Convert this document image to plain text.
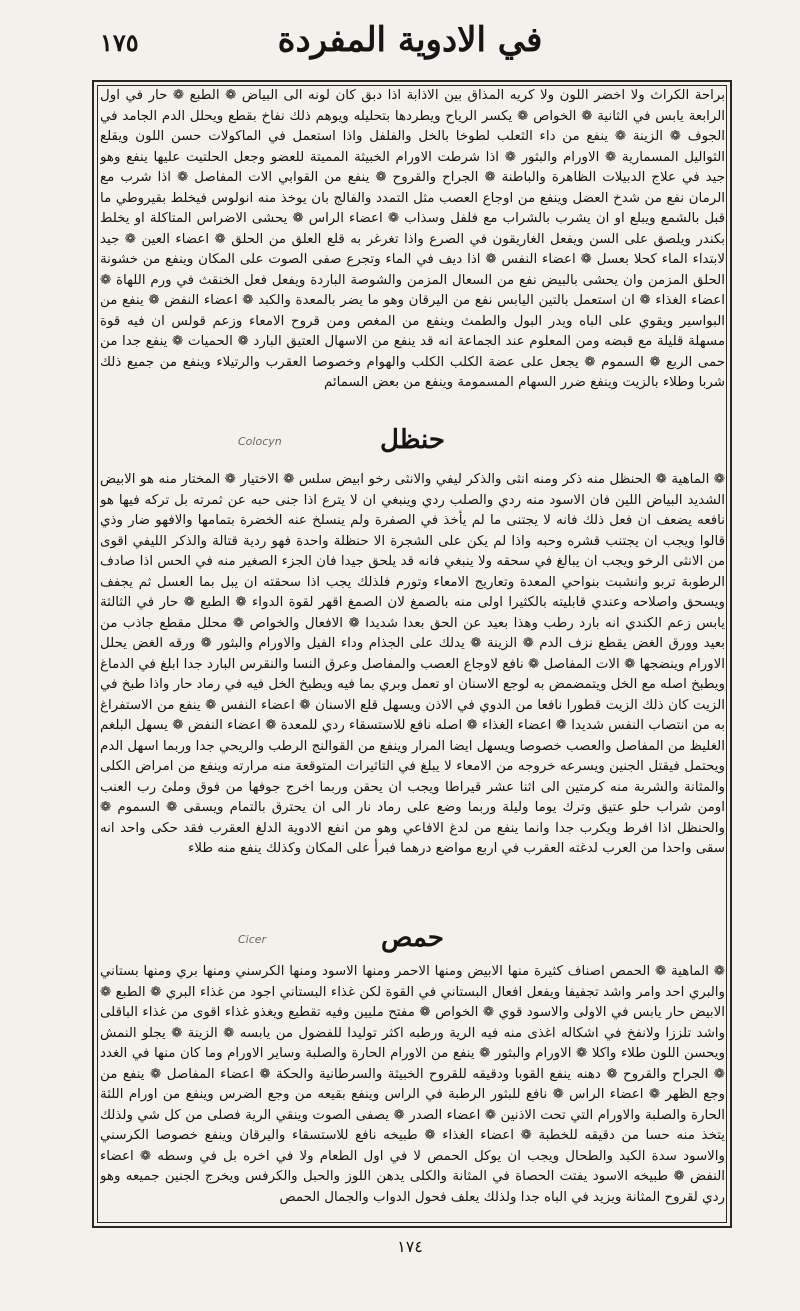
في الادوية المفردة
١٧٥

براحة الكراث ولا اخضر اللون ولا كريه المذاق بين الاذابة اذا دبق كان لونه الى البياض ❁ الطبع ❁ حار في اول الرابعة يابس في الثانية ❁ الخواص ❁ يكسر الرياح ويطردها بتحليله ويوهم ذلك نفاخ بقطع ويحلل الدم الجامد في الجوف ❁ الزينة ❁ ينفع من داء الثعلب لطوخا بالخل والفلفل واذا استعمل في الماكولات حسن اللون ويقلع الثواليل المسمارية ❁ الاورام والبثور ❁ اذا شرطت الاورام الخبيثة المميتة للعضو وجعل الحلتيت عليها ينفع وهو جيد في علاج الدبيلات الظاهرة والباطنة ❁ الجراح والقروح ❁ ينفع من القوابي الات المفاصل ❁ اذا شرب مع الرمان نفع من شدخ العضل وينفع من اوجاع العصب مثل التمدد والفالج بان يوخذ منه انولوس فيخلط بقيروطي ما قبل بالشمع ويبلع او ان يشرب بالشراب مع فلفل وسذاب ❁ اعضاء الراس ❁ يحشى الاضراس المتاكلة او يخلط بكندر ويلصق على السن ويفعل الغاريقون في الصرع واذا تغرغر به قلع العلق من الحلق ❁ اعضاء العين ❁ جيد لابتداء الماء كحلا بعسل ❁ اعضاء النفس ❁ اذا ديف في الماء وتجرع صفى الصوت على المكان وينفع من خشونة الحلق المزمن وان يحشى بالبيض نفع من السعال المزمن والشوصة الباردة ويفعل فعل الخنقث في ورم اللهاة ❁ اعضاء الغذاء ❁ ان استعمل بالتين اليابس نفع من اليرقان وهو ما يضر بالمعدة والكبد ❁ اعضاء النفض ❁ ينفع من البواسير ويقوي على الباه ويدر البول والطمث وينفع من المغص ومن قروح الامعاء وزعم قولس ان فيه قوة مسهلة قليلة مع قبضه ومن المعلوم عند الجماعة انه قد ينفع من الاسهال العتيق البارد ❁ الحميات ❁ ينفع جدا من حمى الربع ❁ السموم ❁ يجعل على عضة الكلب الكلب والهوام وخصوصا العقرب والرتيلاء وينفع من جميع ذلك شربا وطلاء بالزيت وينفع ضرر السهام المسمومة وينفع من بعض السمائم

حنظل
Colocyn

❁ الماهية ❁ الحنظل منه ذكر ومنه انثى والذكر ليفي والانثى رخو ابيض سلس ❁ الاختيار ❁ المختار منه هو الابيض الشديد البياض اللين فان الاسود منه ردي والصلب ردي وينبغي ان لا يترع اذا جنى حبه عن ثمرته بل تركه فيها هو نافعه يضعف ان فعل ذلك فانه لا يجتنى ما لم يأخذ في الصفرة ولم ينسلخ عنه الخضرة بتمامها والافهو ضار وذي قالوا ويجب ان يجتنب قشره وحبه واذا لم يكن على الشجرة الا حنظلة واحدة فهو ردية قتالة والذكر الليفي اقوى من الانثى الرخو ويجب ان يبالغ في سحقه ولا ينبغي فانه قد يلحق جيدا فان الجزء الصغير منه في الحس اذا صادف الرطوبة تربو وانشبت بنواحي المعدة وتعاريج الامعاء وتورم فلذلك يجب اذا سحقته ان يبل بما العسل ثم يجفف ويسحق واصلاحه وعندي قابليته بالكثيرا اولى منه بالصمغ لان الصمغ اقهر لقوة الدواء ❁ الطبع ❁ حار في الثالثة يابس زعم الكندي انه بارد رطب وهذا بعيد عن الحق بعدا شديدا ❁ الافعال والخواص ❁ محلل مقطع جاذب من بعيد وورق الغض يقطع نزف الدم ❁ الزينة ❁ يدلك على الجذام وداء الفيل والاورام والبثور ❁ ورقه الغض يحلل الاورام وينضجها ❁ الات المفاصل ❁ نافع لاوجاع العصب والمفاصل وعرق النسا والنقرس البارد جدا ابلغ في الدماغ ويطبخ اصله مع الخل ويتمضمض به لوجع الاسنان او تعمل وبري بما فيه ويطبخ الخل فيه في رماد حار واذا طبخ في الزيت كان ذلك الزيت قطورا نافعا من الدوي في الاذن ويسهل قلع الاسنان ❁ اعضاء النفس ❁ ينفع من الاستفراغ به من انتصاب النفس شديدا ❁ اعضاء الغذاء ❁ اصله نافع للاستسقاء ردي للمعدة ❁ اعضاء النفض ❁ يسهل البلغم الغليظ من المفاصل والعصب خصوصا ويسهل ايضا المرار وينفع من القوالنج الرطب والريحي جدا وربما اسهل الدم ويحتمل فيقتل الجنين ويسرعه خروجه من الامعاء لا يبلغ في التاثيرات المتوقعة منه مرارته وينفع من امراض الكلى والمثانة والشربة منه كرمتين الى اثنا عشر قيراطا ويجب ان يحقن وربما اخرج جوفها من فوق وملئ رب العنب اومن شراب حلو عتيق وترك يوما وليلة وربما وضع على رماد نار الى ان يحترق بالتمام ويسقى ❁ السموم ❁ والحنظل اذا افرط ويكرب جدا وانما ينفع من لدغ الافاعي وهو من انفع الادوية الدلغ العقرب فقد حكى واحد انه سقى واحدا من العرب لدغته العقرب في اربع مواضع درهما فبرأ على المكان وكذلك ينفع منه طلاء

حمص
Cicer

❁ الماهية ❁ الحمص اصناف كثيرة منها الابيض ومنها الاحمر ومنها الاسود ومنها الكرسني ومنها بري ومنها بستاني والبري احد وامر واشد تجفيفا ويفعل افعال البستاني في القوة لكن غذاء البستاني اجود من غذاء البري ❁ الطبع ❁ الابيض حار يابس في الاولى والاسود قوي ❁ الخواص ❁ مفتح مليين وفيه تقطيع ويغذو غذاء اقوى من غذاء الباقلى واشد تلززا ولانفخ في اشكاله اغذى منه فيه الرية ورطبه اكثر توليدا للفضول من يابسه ❁ الزينة ❁ يجلو النمش ويحسن اللون طلاء واكلا ❁ الاورام والبثور ❁ ينفع من الاورام الحارة والصلبة وساير الاورام وما كان منها في الغدد ❁ الجراح والقروح ❁ دهنه ينفع القوبا ودقيقه للقروح الخبيثة والسرطانية والحكة ❁ اعضاء المفاصل ❁ ينفع من وجع الظهر ❁ اعضاء الراس ❁ نافع للبثور الرطبة في الراس وينفع بقيعه من وجع الضرس وينفع من اورام اللثة الحارة والصلبة والاورام التي تحت الاذنين ❁ اعضاء الصدر ❁ يصفى الصوت وينقي الرية فصلى من كل شي ولذلك يتخذ منه حسا من دقيقه للخطبة ❁ اعضاء الغذاء ❁ طبيخه نافع للاستسقاء واليرقان وينفع خصوصا الكرسني والاسود سدة الكبد والطحال ويجب ان يوكل الحمص لا في اول الطعام ولا في اخره بل في وسطه ❁ اعضاء النفض ❁ طبيخه الاسود يفتت الحصاة في المثانة والكلى يدهن اللوز والحبل والكرفس ويخرج الجنين جميعه وهو ردي لقروح المثانة ويزيد في الباه جدا ولذلك يعلف فحول الدواب والجمال الحمص

١٧٤
